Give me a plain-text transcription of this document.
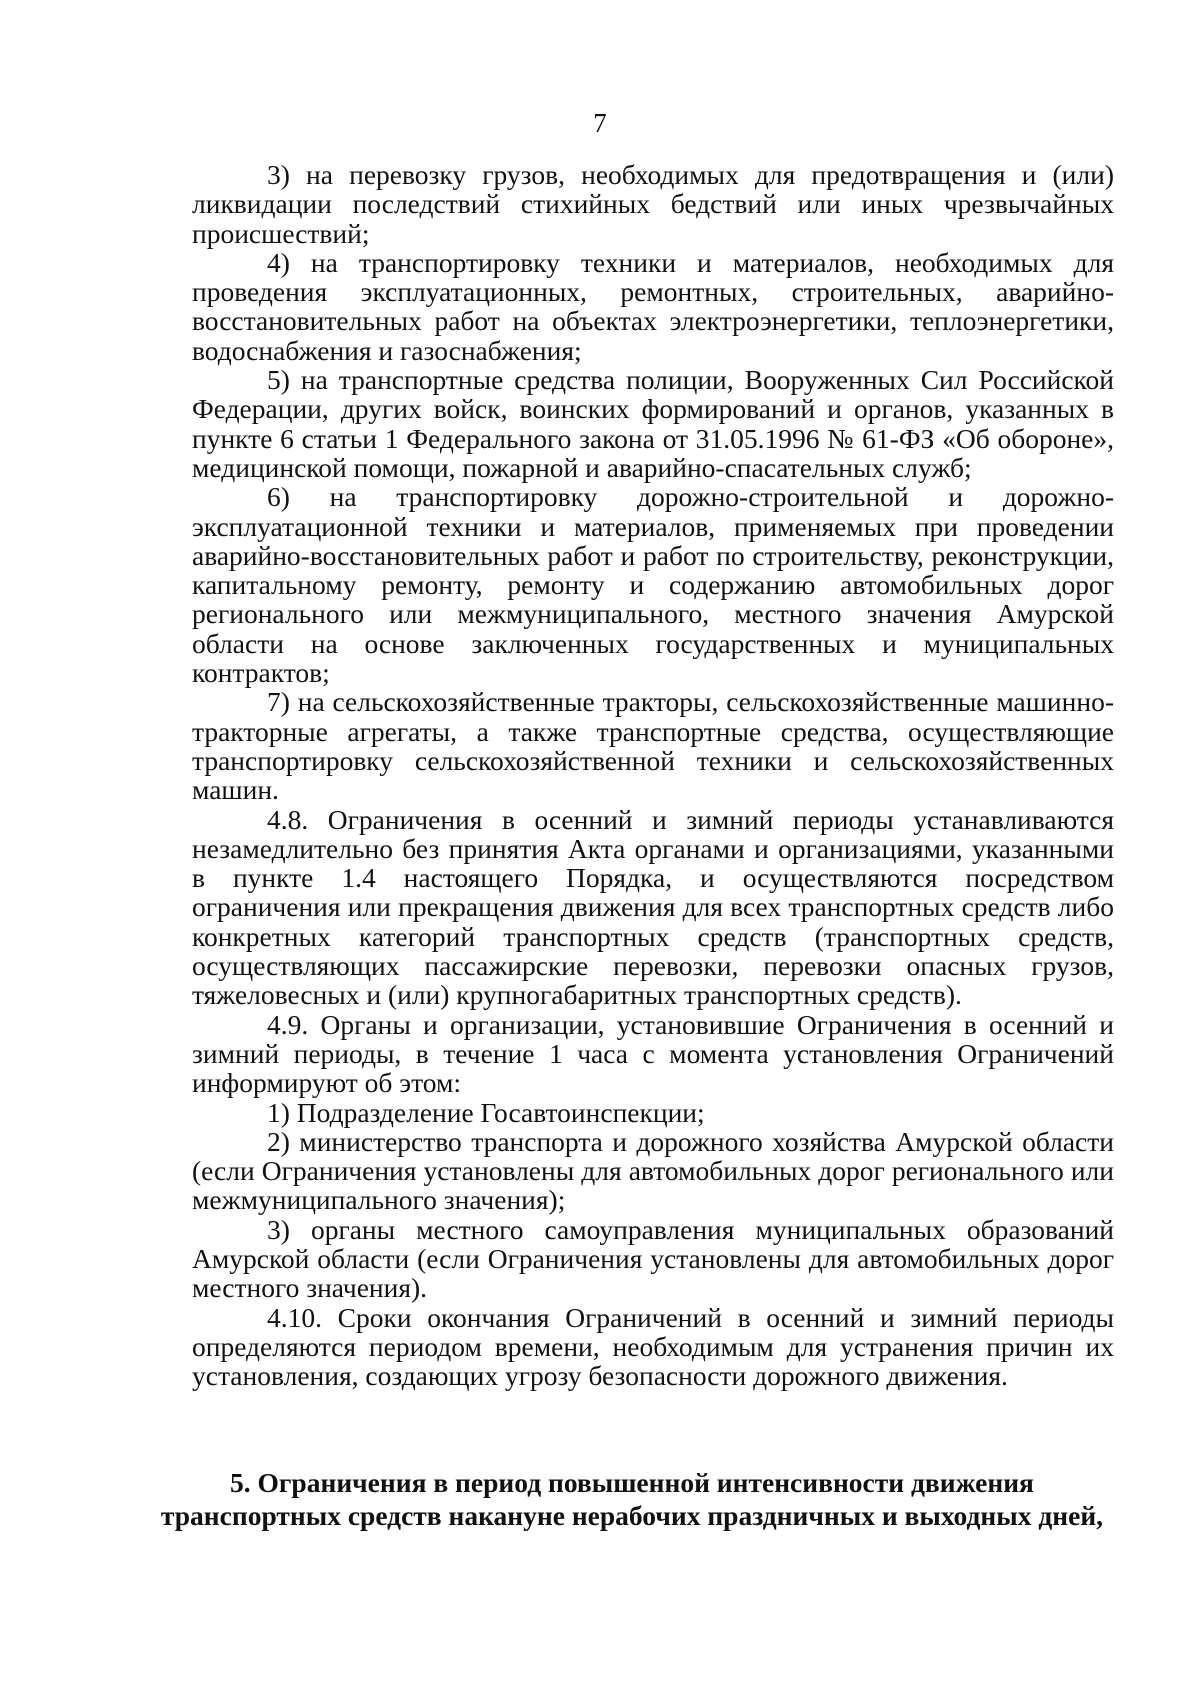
7

3) на перевозку грузов, необходимых для предотвращения и (или) ликвидации последствий стихийных бедствий или иных чрезвычайных происшествий;

4) на транспортировку техники и материалов, необходимых для проведения эксплуатационных, ремонтных, строительных, аварийно-восстановительных работ на объектах электроэнергетики, теплоэнергетики, водоснабжения и газоснабжения;

5) на транспортные средства полиции, Вооруженных Сил Российской Федерации, других войск, воинских формирований и органов, указанных в пункте 6 статьи 1 Федерального закона от 31.05.1996 № 61-ФЗ «Об обороне», медицинской помощи, пожарной и аварийно-спасательных служб;

6) на транспортировку дорожно-строительной и дорожно-эксплуатационной техники и материалов, применяемых при проведении аварийно-восстановительных работ и работ по строительству, реконструкции, капитальному ремонту, ремонту и содержанию автомобильных дорог регионального или межмуниципального, местного значения Амурской области на основе заключенных государственных и муниципальных контрактов;

7) на сельскохозяйственные тракторы, сельскохозяйственные машинно-тракторные агрегаты, а также транспортные средства, осуществляющие транспортировку сельскохозяйственной техники и сельскохозяйственных машин.

4.8. Ограничения в осенний и зимний периоды устанавливаются незамедлительно без принятия Акта органами и организациями, указанными в пункте 1.4 настоящего Порядка, и осуществляются посредством ограничения или прекращения движения для всех транспортных средств либо конкретных категорий транспортных средств (транспортных средств, осуществляющих пассажирские перевозки, перевозки опасных грузов, тяжеловесных и (или) крупногабаритных транспортных средств).

4.9. Органы и организации, установившие Ограничения в осенний и зимний периоды, в течение 1 часа с момента установления Ограничений информируют об этом:

1) Подразделение Госавтоинспекции;

2) министерство транспорта и дорожного хозяйства Амурской области (если Ограничения установлены для автомобильных дорог регионального или межмуниципального значения);

3) органы местного самоуправления муниципальных образований Амурской области (если Ограничения установлены для автомобильных дорог местного значения).

4.10. Сроки окончания Ограничений в осенний и зимний периоды определяются периодом времени, необходимым для устранения причин их установления, создающих угрозу безопасности дорожного движения.

5. Ограничения в период повышенной интенсивности движения
транспортных средств накануне нерабочих праздничных и выходных дней,
